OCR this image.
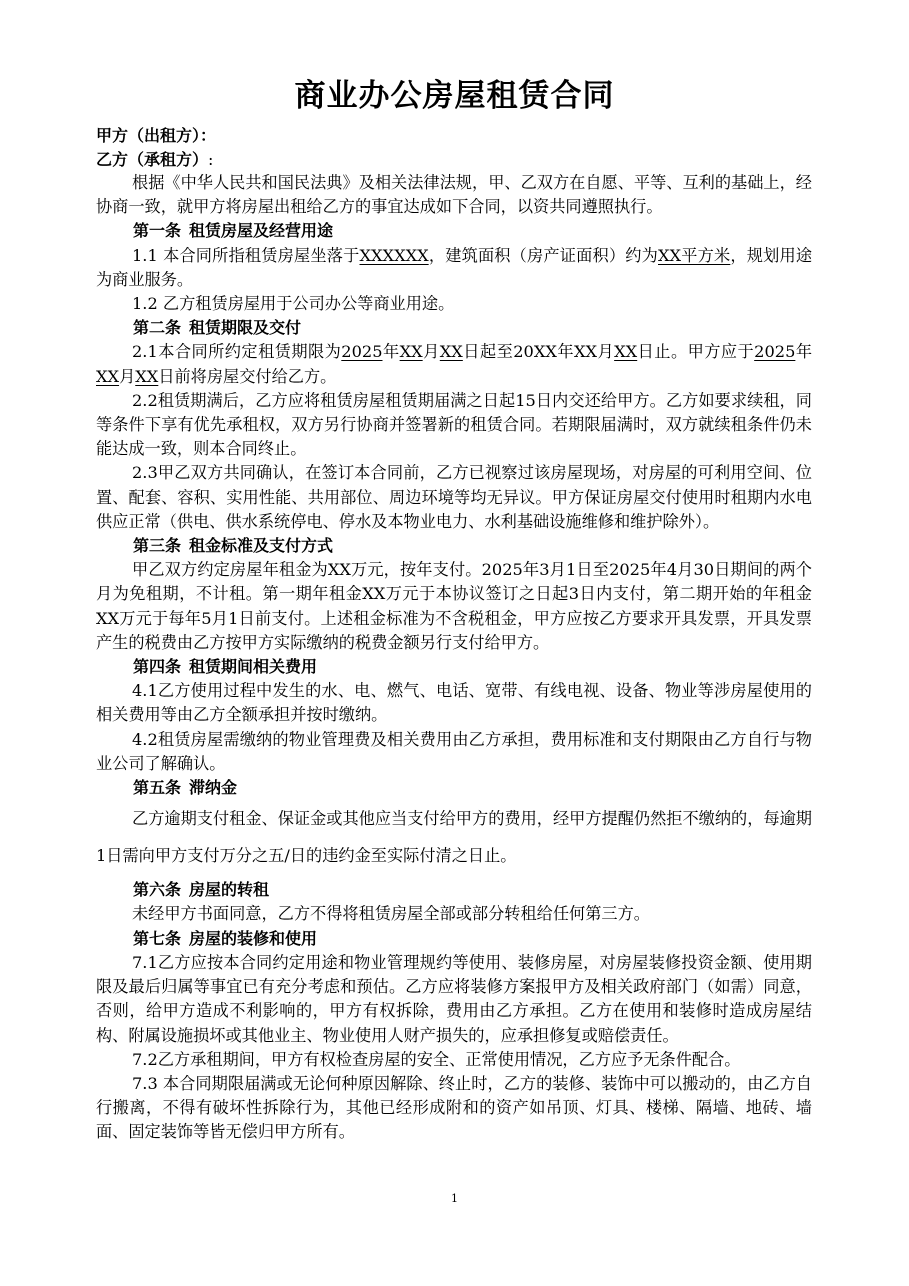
商业办公房屋租赁合同
甲方（出租方）：
乙方（承租方）:

根据《中华人民共和国民法典》及相关法律法规，甲、乙双方在自愿、平等、互利的基础上，经协商一致，就甲方将房屋出租给乙方的事宜达成如下合同，以资共同遵照执行。

第一条 租赁房屋及经营用途

1.1 本合同所指租赁房屋坐落于XXXXXX，建筑面积（房产证面积）约为XX平方米，规划用途为商业服务。

1.2 乙方租赁房屋用于公司办公等商业用途。

第二条 租赁期限及交付

2.1本合同所约定租赁期限为2025年XX月XX日起至20XX年XX月XX日止。甲方应于2025年XX月XX日前将房屋交付给乙方。

2.2租赁期满后，乙方应将租赁房屋租赁期届满之日起15日内交还给甲方。乙方如要求续租，同等条件下享有优先承租权，双方另行协商并签署新的租赁合同。若期限届满时，双方就续租条件仍未能达成一致，则本合同终止。

2.3甲乙双方共同确认，在签订本合同前，乙方已视察过该房屋现场，对房屋的可利用空间、位置、配套、容积、实用性能、共用部位、周边环境等均无异议。甲方保证房屋交付使用时租期内水电供应正常（供电、供水系统停电、停水及本物业电力、水利基础设施维修和维护除外）。

第三条 租金标准及支付方式

甲乙双方约定房屋年租金为XX万元，按年支付。2025年3月1日至2025年4月30日期间的两个月为免租期，不计租。第一期年租金XX万元于本协议签订之日起3日内支付，第二期开始的年租金XX万元于每年5月1日前支付。上述租金标准为不含税租金，甲方应按乙方要求开具发票，开具发票产生的税费由乙方按甲方实际缴纳的税费金额另行支付给甲方。

第四条 租赁期间相关费用

4.1乙方使用过程中发生的水、电、燃气、电话、宽带、有线电视、设备、物业等涉房屋使用的相关费用等由乙方全额承担并按时缴纳。

4.2租赁房屋需缴纳的物业管理费及相关费用由乙方承担，费用标准和支付期限由乙方自行与物业公司了解确认。

第五条 滞纳金

乙方逾期支付租金、保证金或其他应当支付给甲方的费用，经甲方提醒仍然拒不缴纳的，每逾期1日需向甲方支付万分之五/日的违约金至实际付清之日止。

第六条 房屋的转租

未经甲方书面同意，乙方不得将租赁房屋全部或部分转租给任何第三方。

第七条 房屋的装修和使用

7.1乙方应按本合同约定用途和物业管理规约等使用、装修房屋，对房屋装修投资金额、使用期限及最后归属等事宜已有充分考虑和预估。乙方应将装修方案报甲方及相关政府部门（如需）同意，否则，给甲方造成不利影响的，甲方有权拆除，费用由乙方承担。乙方在使用和装修时造成房屋结构、附属设施损坏或其他业主、物业使用人财产损失的，应承担修复或赔偿责任。

7.2乙方承租期间，甲方有权检查房屋的安全、正常使用情况，乙方应予无条件配合。

7.3 本合同期限届满或无论何种原因解除、终止时，乙方的装修、装饰中可以搬动的，由乙方自行搬离，不得有破坏性拆除行为，其他已经形成附和的资产如吊顶、灯具、楼梯、隔墙、地砖、墙面、固定装饰等皆无偿归甲方所有。

1
